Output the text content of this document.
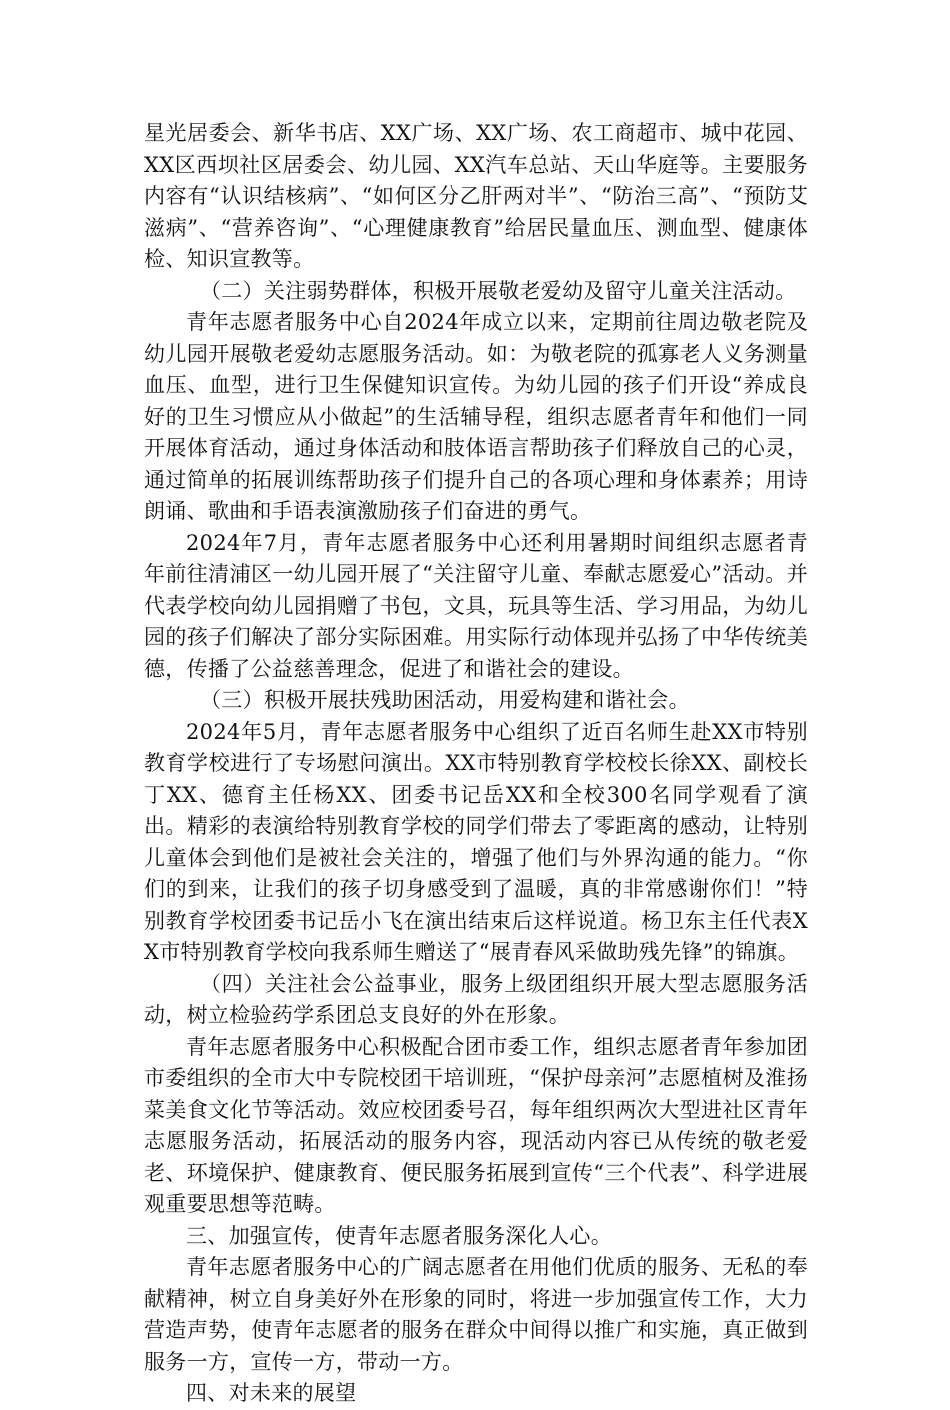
星光居委会、新华书店、XX广场、XX广场、农工商超市、城中花园、XX区西坝社区居委会、幼儿园、XX汽车总站、天山华庭等。主要服务内容有“认识结核病”、“如何区分乙肝两对半”、“防治三高”、“预防艾滋病”、“营养咨询”、“心理健康教育”给居民量血压、测血型、健康体检、知识宣教等。

（二）关注弱势群体，积极开展敬老爱幼及留守儿童关注活动。

青年志愿者服务中心自2024年成立以来，定期前往周边敬老院及幼儿园开展敬老爱幼志愿服务活动。如：为敬老院的孤寡老人义务测量血压、血型，进行卫生保健知识宣传。为幼儿园的孩子们开设“养成良好的卫生习惯应从小做起”的生活辅导程，组织志愿者青年和他们一同开展体育活动，通过身体活动和肢体语言帮助孩子们释放自己的心灵，通过简单的拓展训练帮助孩子们提升自己的各项心理和身体素养；用诗朗诵、歌曲和手语表演激励孩子们奋进的勇气。

2024年7月，青年志愿者服务中心还利用暑期时间组织志愿者青年前往清浦区一幼儿园开展了“关注留守儿童、奉献志愿爱心”活动。并代表学校向幼儿园捐赠了书包，文具，玩具等生活、学习用品，为幼儿园的孩子们解决了部分实际困难。用实际行动体现并弘扬了中华传统美德，传播了公益慈善理念，促进了和谐社会的建设。

（三）积极开展扶残助困活动，用爱构建和谐社会。

2024年5月，青年志愿者服务中心组织了近百名师生赴XX市特别教育学校进行了专场慰问演出。XX市特别教育学校校长徐XX、副校长丁XX、德育主任杨XX、团委书记岳XX和全校300名同学观看了演出。精彩的表演给特别教育学校的同学们带去了零距离的感动，让特别儿童体会到他们是被社会关注的，增强了他们与外界沟通的能力。“你们的到来，让我们的孩子切身感受到了温暖，真的非常感谢你们！”特别教育学校团委书记岳小飞在演出结束后这样说道。杨卫东主任代表XX市特别教育学校向我系师生赠送了“展青春风采做助残先锋”的锦旗。

（四）关注社会公益事业，服务上级团组织开展大型志愿服务活动，树立检验药学系团总支良好的外在形象。

青年志愿者服务中心积极配合团市委工作，组织志愿者青年参加团市委组织的全市大中专院校团干培训班，“保护母亲河”志愿植树及淮扬菜美食文化节等活动。效应校团委号召，每年组织两次大型进社区青年志愿服务活动，拓展活动的服务内容，现活动内容已从传统的敬老爱老、环境保护、健康教育、便民服务拓展到宣传“三个代表”、科学进展观重要思想等范畴。

三、加强宣传，使青年志愿者服务深化人心。

青年志愿者服务中心的广阔志愿者在用他们优质的服务、无私的奉献精神，树立自身美好外在形象的同时，将进一步加强宣传工作，大力营造声势，使青年志愿者的服务在群众中间得以推广和实施，真正做到服务一方，宣传一方，带动一方。

四、对未来的展望
